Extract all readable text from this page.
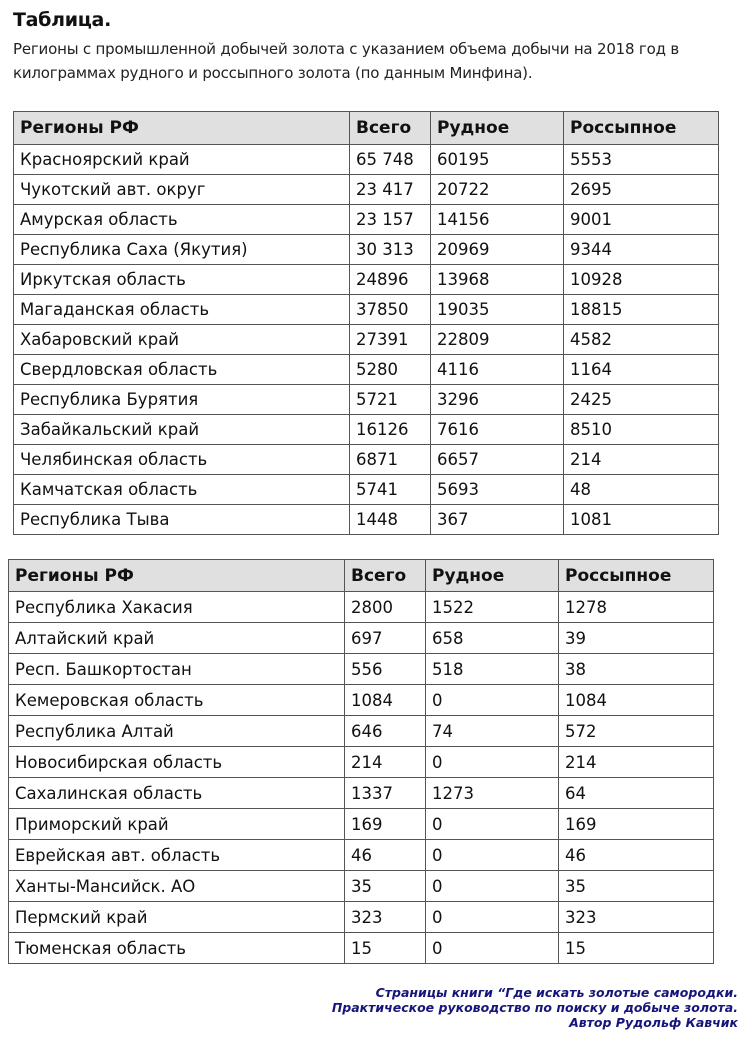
Таблица.
Регионы с промышленной добычей золота с указанием объема добычи на 2018 год в килограммах рудного и россыпного золота (по данным Минфина).
Регионы РФ	Всего	Рудное	Россыпное
Красноярский край	65 748	60195	5553
Чукотский авт. округ	23 417	20722	2695
Амурская область	23 157	14156	9001
Республика Саха (Якутия)	30 313	20969	9344
Иркутская область	24896	13968	10928
Магаданская область	37850	19035	18815
Хабаровский край	27391	22809	4582
Свердловская область	5280	4116	1164
Республика Бурятия	5721	3296	2425
Забайкальский край	16126	7616	8510
Челябинская область	6871	6657	214
Камчатская область	5741	5693	48
Республика Тыва	1448	367	1081
Регионы РФ	Всего	Рудное	Россыпное
Республика Хакасия	2800	1522	1278
Алтайский край	697	658	39
Респ. Башкортостан	556	518	38
Кемеровская область	1084	0	1084
Республика Алтай	646	74	572
Новосибирская область	214	0	214
Сахалинская область	1337	1273	64
Приморский край	169	0	169
Еврейская авт. область	46	0	46
Ханты-Мансийск. АО	35	0	35
Пермский край	323	0	323
Тюменская область	15	0	15
Страницы книги “Где искать золотые самородки.
Практическое руководство по поиску и добыче золота.
Автор Рудольф Кавчик
